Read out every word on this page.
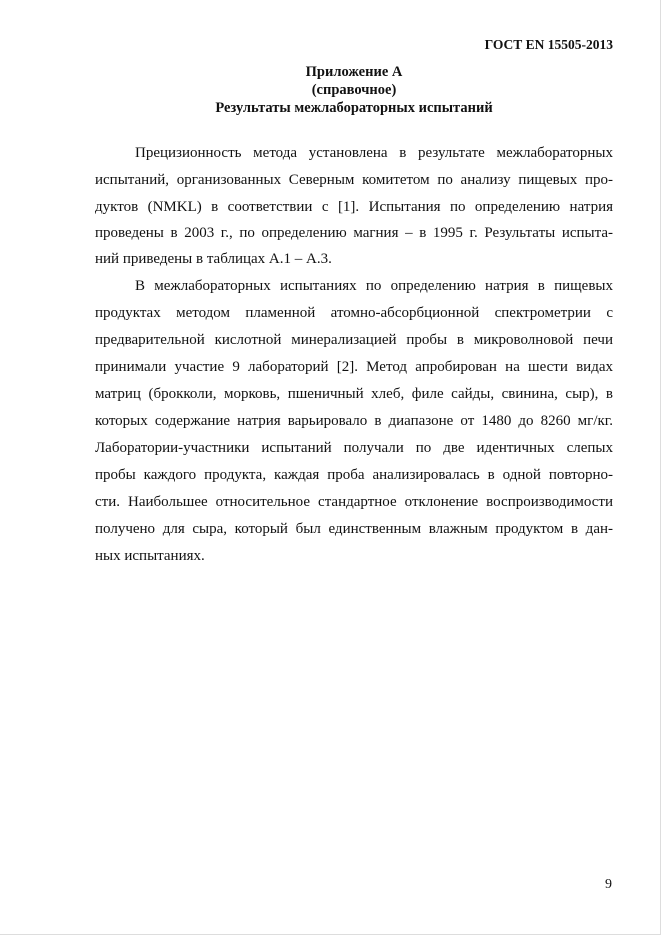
ГОСТ EN 15505-2013
Приложение А
(справочное)
Результаты межлабораторных испытаний
Прецизионность метода установлена в результате межлабораторных
испытаний, организованных Северным комитетом по анализу пищевых про-
дуктов (NMKL) в соответствии с [1]. Испытания по определению натрия
проведены в 2003 г., по определению магния – в 1995 г. Результаты испыта-
ний приведены в таблицах А.1 – А.3.
В межлабораторных испытаниях по определению натрия в пищевых
продуктах методом пламенной атомно-абсорбционной спектрометрии с
предварительной кислотной минерализацией пробы в микроволновой печи
принимали участие 9 лабораторий [2]. Метод апробирован на шести видах
матриц (брокколи, морковь, пшеничный хлеб, филе сайды, свинина, сыр), в
которых содержание натрия варьировало в диапазоне от 1480 до 8260 мг/кг.
Лаборатории-участники испытаний получали по две идентичных слепых
пробы каждого продукта, каждая проба анализировалась в одной повторно-
сти. Наибольшее относительное стандартное отклонение воспроизводимости
получено для сыра, который был единственным влажным продуктом в дан-
ных испытаниях.
9
